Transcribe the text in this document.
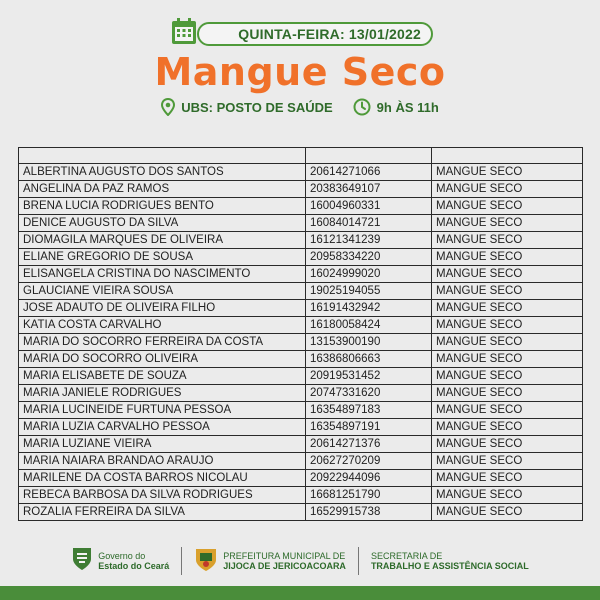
QUINTA-FEIRA: 13/01/2022
Mangue Seco
UBS: POSTO DE SAÚDE	9h ÀS 11h

ALBERTINA AUGUSTO DOS SANTOS	20614271066	MANGUE SECO
ANGELINA DA PAZ RAMOS	20383649107	MANGUE SECO
BRENA LUCIA RODRIGUES BENTO	16004960331	MANGUE SECO
DENICE AUGUSTO DA SILVA	16084014721	MANGUE SECO
DIOMAGILA MARQUES DE OLIVEIRA	16121341239	MANGUE SECO
ELIANE GREGORIO DE SOUSA	20958334220	MANGUE SECO
ELISANGELA CRISTINA DO NASCIMENTO	16024999020	MANGUE SECO
GLAUCIANE VIEIRA SOUSA	19025194055	MANGUE SECO
JOSE ADAUTO DE OLIVEIRA FILHO	16191432942	MANGUE SECO
KATIA COSTA CARVALHO	16180058424	MANGUE SECO
MARIA DO SOCORRO FERREIRA DA COSTA	13153900190	MANGUE SECO
MARIA DO SOCORRO OLIVEIRA	16386806663	MANGUE SECO
MARIA ELISABETE DE SOUZA	20919531452	MANGUE SECO
MARIA JANIELE RODRIGUES	20747331620	MANGUE SECO
MARIA LUCINEIDE FURTUNA PESSOA	16354897183	MANGUE SECO
MARIA LUZIA CARVALHO PESSOA	16354897191	MANGUE SECO
MARIA LUZIANE VIEIRA	20614271376	MANGUE SECO
MARIA NAIARA BRANDAO ARAUJO	20627270209	MANGUE SECO
MARILENE DA COSTA BARROS NICOLAU	20922944096	MANGUE SECO
REBECA BARBOSA DA SILVA RODRIGUES	16681251790	MANGUE SECO
ROZALIA FERREIRA DA SILVA	16529915738	MANGUE SECO
Governo do
Estado do Ceará
PREFEITURA MUNICIPAL DE
JIJOCA DE JERICOACOARA
SECRETARIA DE
TRABALHO E ASSISTÊNCIA SOCIAL
